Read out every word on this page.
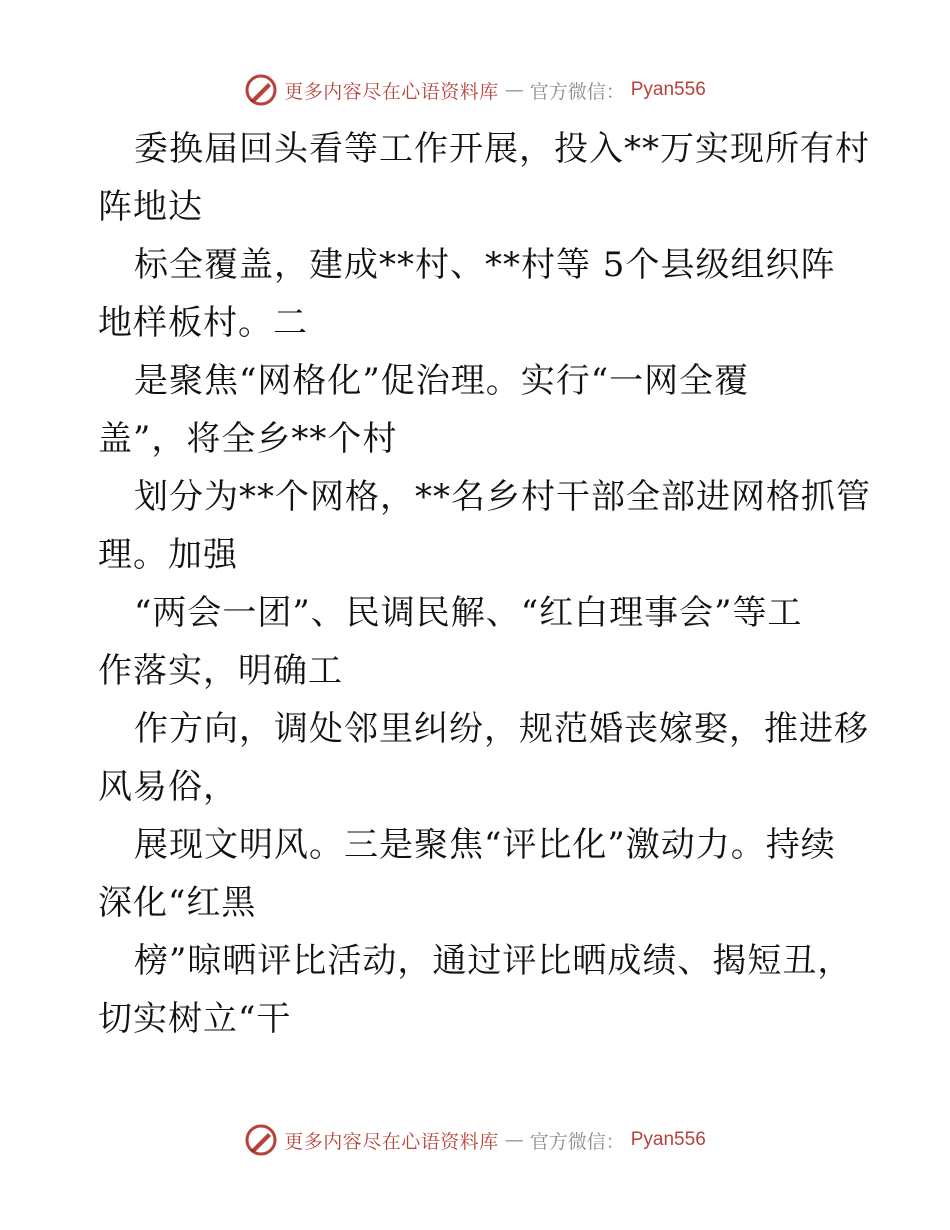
更多内容尽在心语资料库 — 官方微信： Pyan556
委换届回头看等工作开展，投入**万实现所有村
阵地达
标全覆盖，建成**村、**村等 5个县级组织阵
地样板村。二
是聚焦“网格化”促治理。实行“一网全覆
盖”，将全乡**个村
划分为**个网格，**名乡村干部全部进网格抓管
理。加强
“两会一团”、民调民解、“红白理事会”等工
作落实，明确工
作方向，调处邻里纠纷，规范婚丧嫁娶，推进移
风易俗，
展现文明风。三是聚焦“评比化”激动力。持续
深化“红黑
榜”晾晒评比活动，通过评比晒成绩、揭短丑，
切实树立“干
更多内容尽在心语资料库 — 官方微信： Pyan556
